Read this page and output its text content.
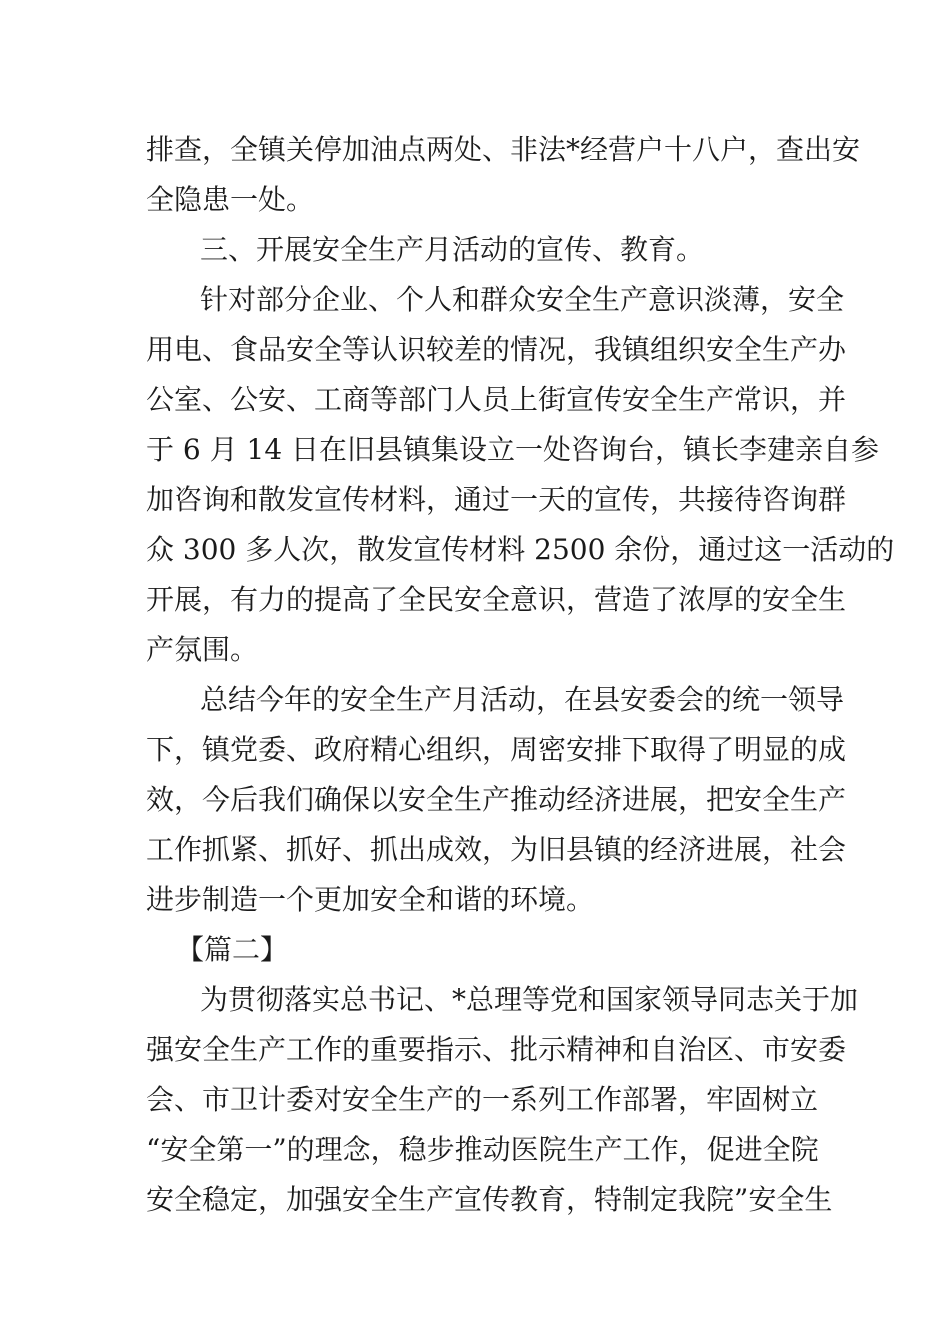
排查，全镇关停加油点两处、非法*经营户十八户，查出安
全隐患一处。
三、开展安全生产月活动的宣传、教育。
针对部分企业、个人和群众安全生产意识淡薄，安全
用电、食品安全等认识较差的情况，我镇组织安全生产办
公室、公安、工商等部门人员上街宣传安全生产常识，并
于 6 月 14 日在旧县镇集设立一处咨询台，镇长李建亲自参
加咨询和散发宣传材料，通过一天的宣传，共接待咨询群
众 300 多人次，散发宣传材料 2500 余份，通过这一活动的
开展，有力的提高了全民安全意识，营造了浓厚的安全生
产氛围。
总结今年的安全生产月活动，在县安委会的统一领导
下，镇党委、政府精心组织，周密安排下取得了明显的成
效，今后我们确保以安全生产推动经济进展，把安全生产
工作抓紧、抓好、抓出成效，为旧县镇的经济进展，社会
进步制造一个更加安全和谐的环境。
【篇二】
为贯彻落实总书记、*总理等党和国家领导同志关于加
强安全生产工作的重要指示、批示精神和自治区、市安委
会、市卫计委对安全生产的一系列工作部署，牢固树立
“安全第一”的理念，稳步推动医院生产工作，促进全院
安全稳定，加强安全生产宣传教育，特制定我院”安全生
